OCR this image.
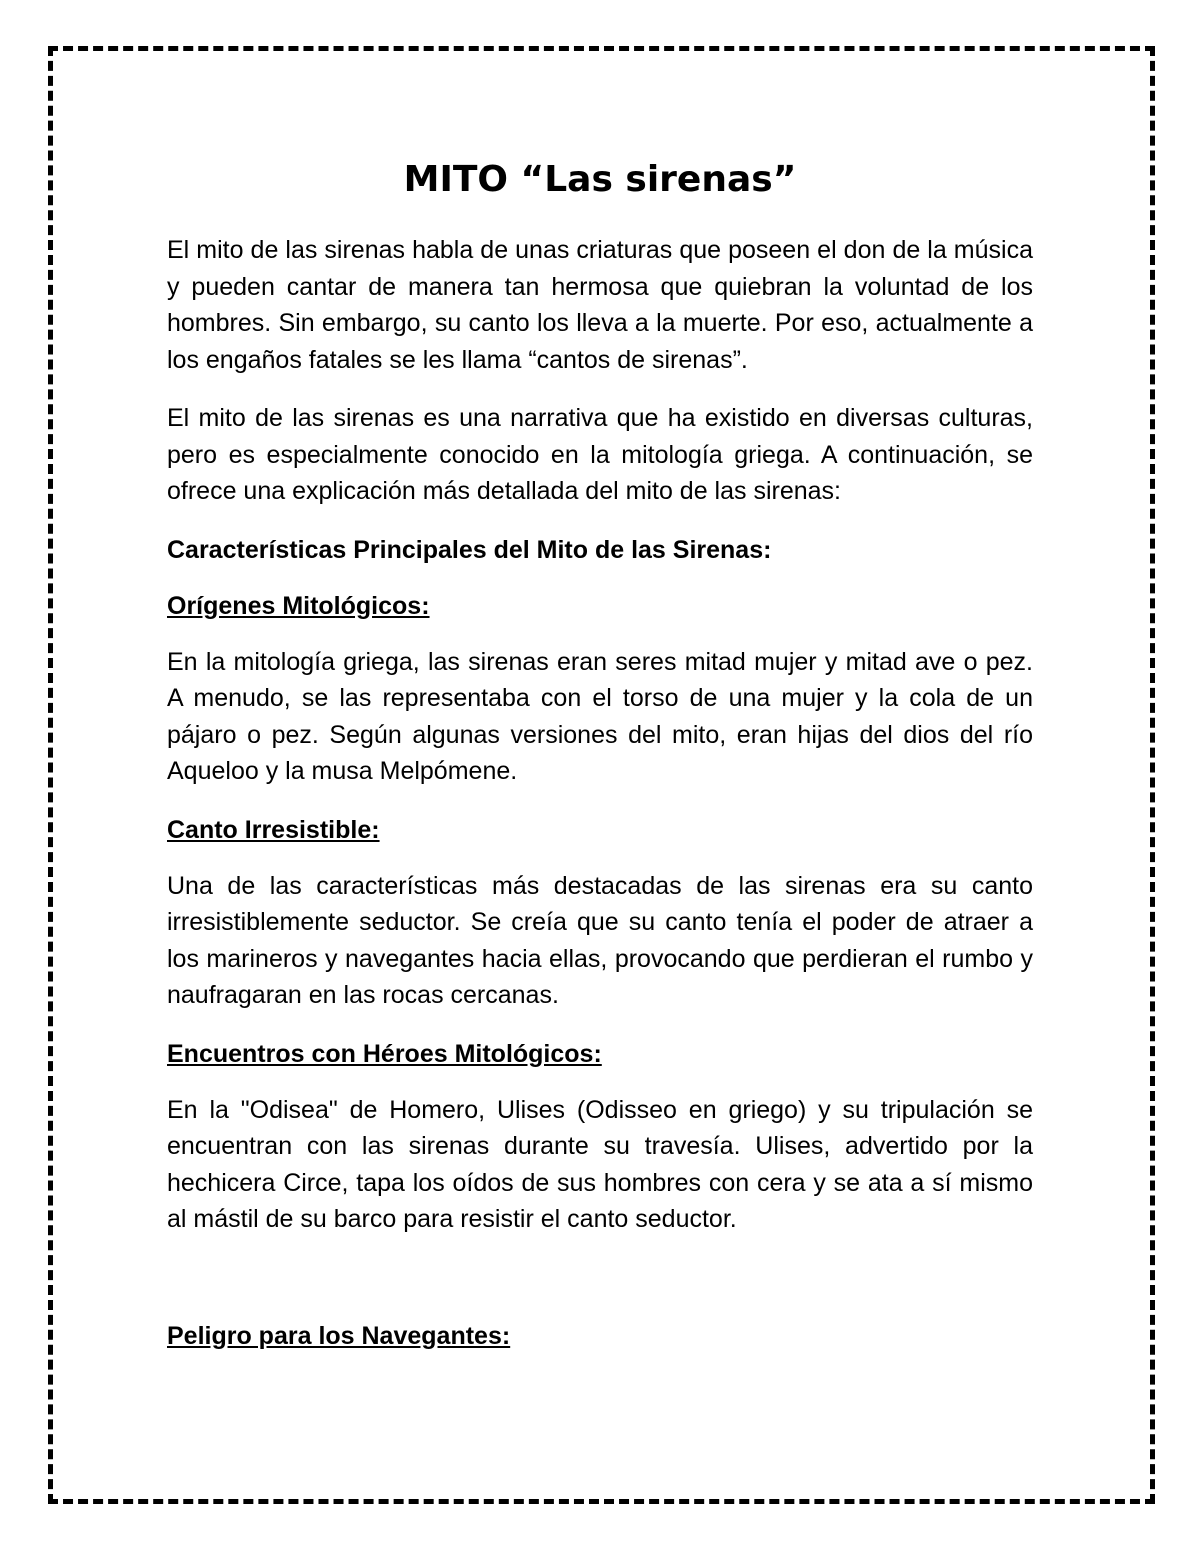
MITO “Las sirenas”

El mito de las sirenas habla de unas criaturas que poseen el don de la música y pueden cantar de manera tan hermosa que quiebran la voluntad de los hombres. Sin embargo, su canto los lleva a la muerte. Por eso, actualmente a los engaños fatales se les llama “cantos de sirenas”.

El mito de las sirenas es una narrativa que ha existido en diversas culturas, pero es especialmente conocido en la mitología griega. A continuación, se ofrece una explicación más detallada del mito de las sirenas:

Características Principales del Mito de las Sirenas:
Orígenes Mitológicos:

En la mitología griega, las sirenas eran seres mitad mujer y mitad ave o pez. A menudo, se las representaba con el torso de una mujer y la cola de un pájaro o pez. Según algunas versiones del mito, eran hijas del dios del río Aqueloo y la musa Melpómene.

Canto Irresistible:

Una de las características más destacadas de las sirenas era su canto irresistiblemente seductor. Se creía que su canto tenía el poder de atraer a los marineros y navegantes hacia ellas, provocando que perdieran el rumbo y naufragaran en las rocas cercanas.

Encuentros con Héroes Mitológicos:

En la "Odisea" de Homero, Ulises (Odisseo en griego) y su tripulación se encuentran con las sirenas durante su travesía. Ulises, advertido por la hechicera Circe, tapa los oídos de sus hombres con cera y se ata a sí mismo al mástil de su barco para resistir el canto seductor.

Peligro para los Navegantes:
